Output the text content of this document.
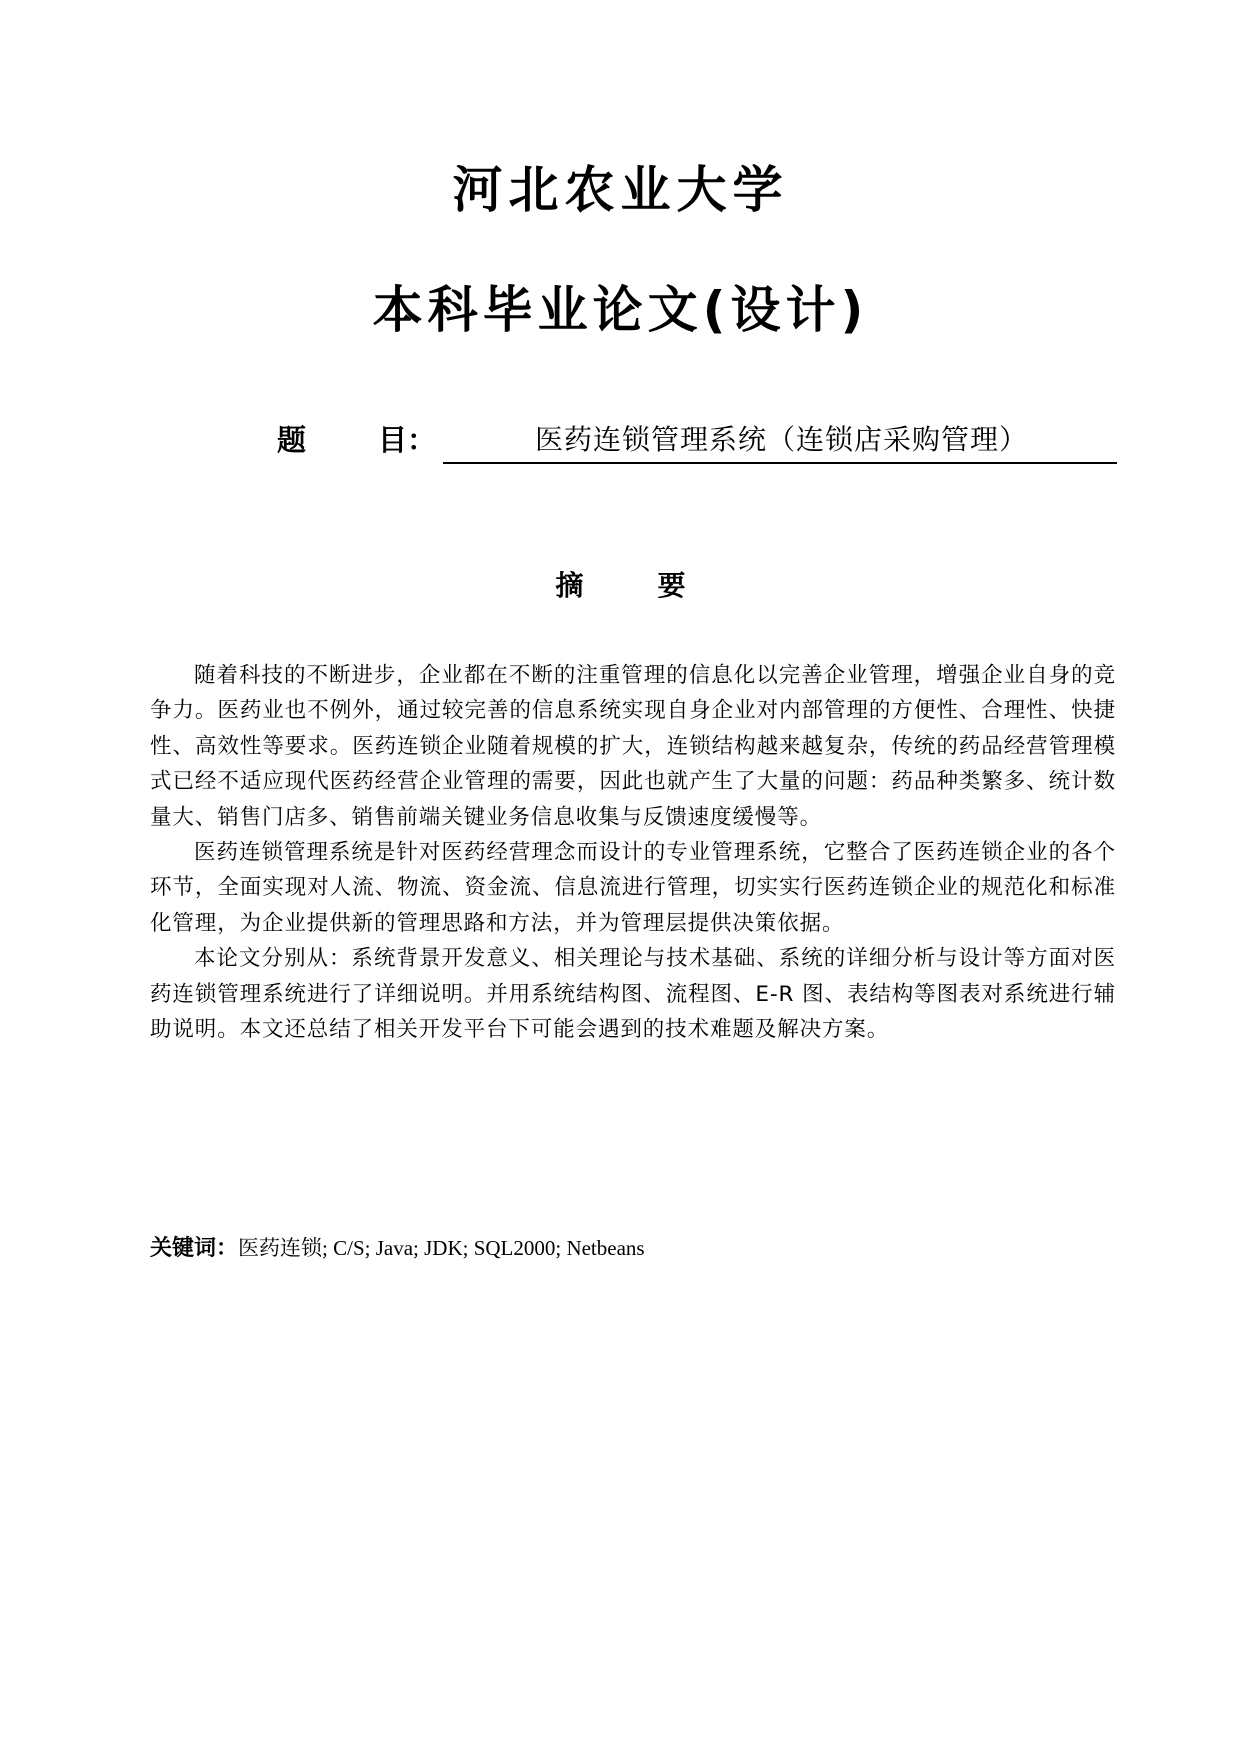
河北农业大学
本科毕业论文(设计)
题 目：	医药连锁管理系统（连锁店采购管理）
摘	要

随着科技的不断进步，企业都在不断的注重管理的信息化以完善企业管理，增强企业自身的竞争力。医药业也不例外，通过较完善的信息系统实现自身企业对内部管理的方便性、合理性、快捷性、高效性等要求。医药连锁企业随着规模的扩大，连锁结构越来越复杂，传统的药品经营管理模式已经不适应现代医药经营企业管理的需要，因此也就产生了大量的问题：药品种类繁多、统计数量大、销售门店多、销售前端关键业务信息收集与反馈速度缓慢等。

医药连锁管理系统是针对医药经营理念而设计的专业管理系统，它整合了医药连锁企业的各个环节，全面实现对人流、物流、资金流、信息流进行管理，切实实行医药连锁企业的规范化和标准化管理，为企业提供新的管理思路和方法，并为管理层提供决策依据。

本论文分别从：系统背景开发意义、相关理论与技术基础、系统的详细分析与设计等方面对医药连锁管理系统进行了详细说明。并用系统结构图、流程图、E-R 图、表结构等图表对系统进行辅助说明。本文还总结了相关开发平台下可能会遇到的技术难题及解决方案。

关键词：医药连锁; C/S; Java; JDK; SQL2000; Netbeans
